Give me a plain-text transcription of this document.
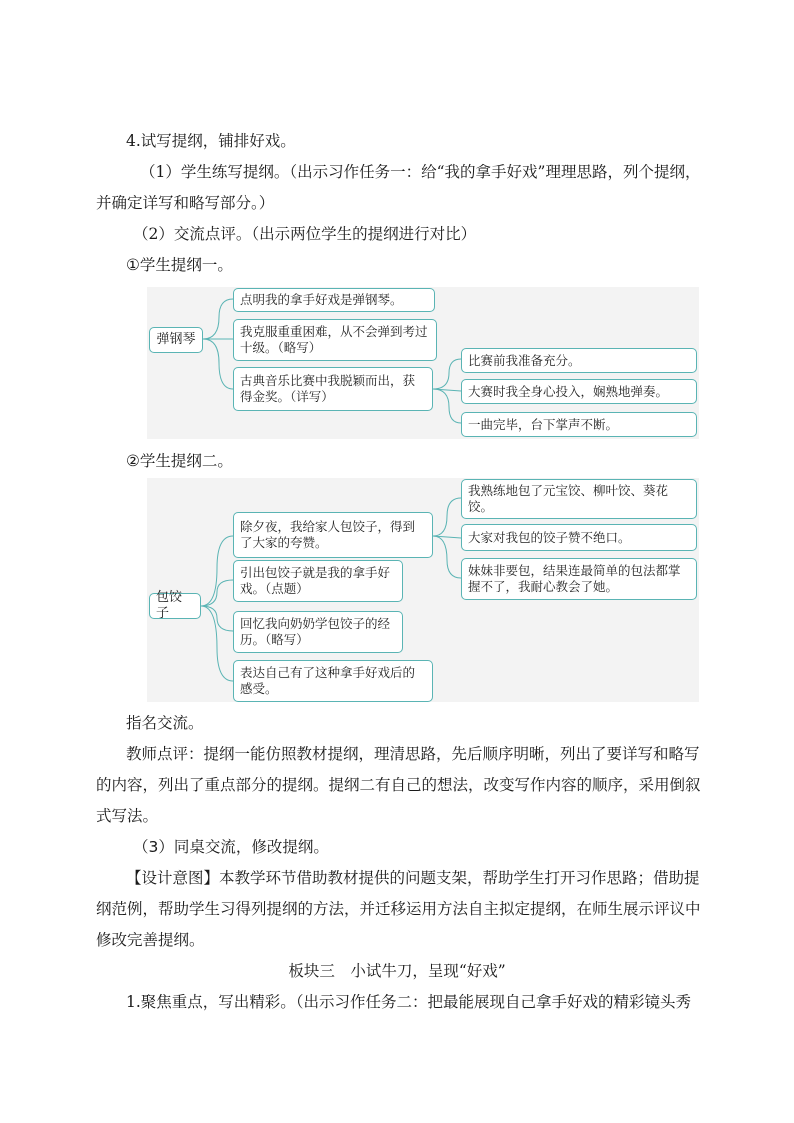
4.试写提纲，铺排好戏。
（1）学生练写提纲。（出示习作任务一：给“我的拿手好戏”理理思路，列个提纲，
并确定详写和略写部分。）
（2）交流点评。（出示两位学生的提纲进行对比）
①学生提纲一。
弹钢琴
点明我的拿手好戏是弹钢琴。
我克服重重困难，从不会弹到考过十级。（略写）
古典音乐比赛中我脱颖而出，获得金奖。（详写）
比赛前我准备充分。
大赛时我全身心投入，娴熟地弹奏。
一曲完毕，台下掌声不断。
②学生提纲二。
包饺子
除夕夜，我给家人包饺子，得到了大家的夸赞。
引出包饺子就是我的拿手好戏。（点题）
回忆我向奶奶学包饺子的经历。（略写）
表达自己有了这种拿手好戏后的感受。
我熟练地包了元宝饺、柳叶饺、葵花饺。
大家对我包的饺子赞不绝口。
妹妹非要包，结果连最简单的包法都掌握不了，我耐心教会了她。
指名交流。
教师点评：提纲一能仿照教材提纲，理清思路，先后顺序明晰，列出了要详写和略写
的内容，列出了重点部分的提纲。提纲二有自己的想法，改变写作内容的顺序，采用倒叙
式写法。
（3）同桌交流，修改提纲。
【设计意图】本教学环节借助教材提供的问题支架，帮助学生打开习作思路；借助提
纲范例，帮助学生习得列提纲的方法，并迁移运用方法自主拟定提纲，在师生展示评议中
修改完善提纲。
板块三　小试牛刀，呈现“好戏”
1.聚焦重点，写出精彩。（出示习作任务二：把最能展现自己拿手好戏的精彩镜头秀
